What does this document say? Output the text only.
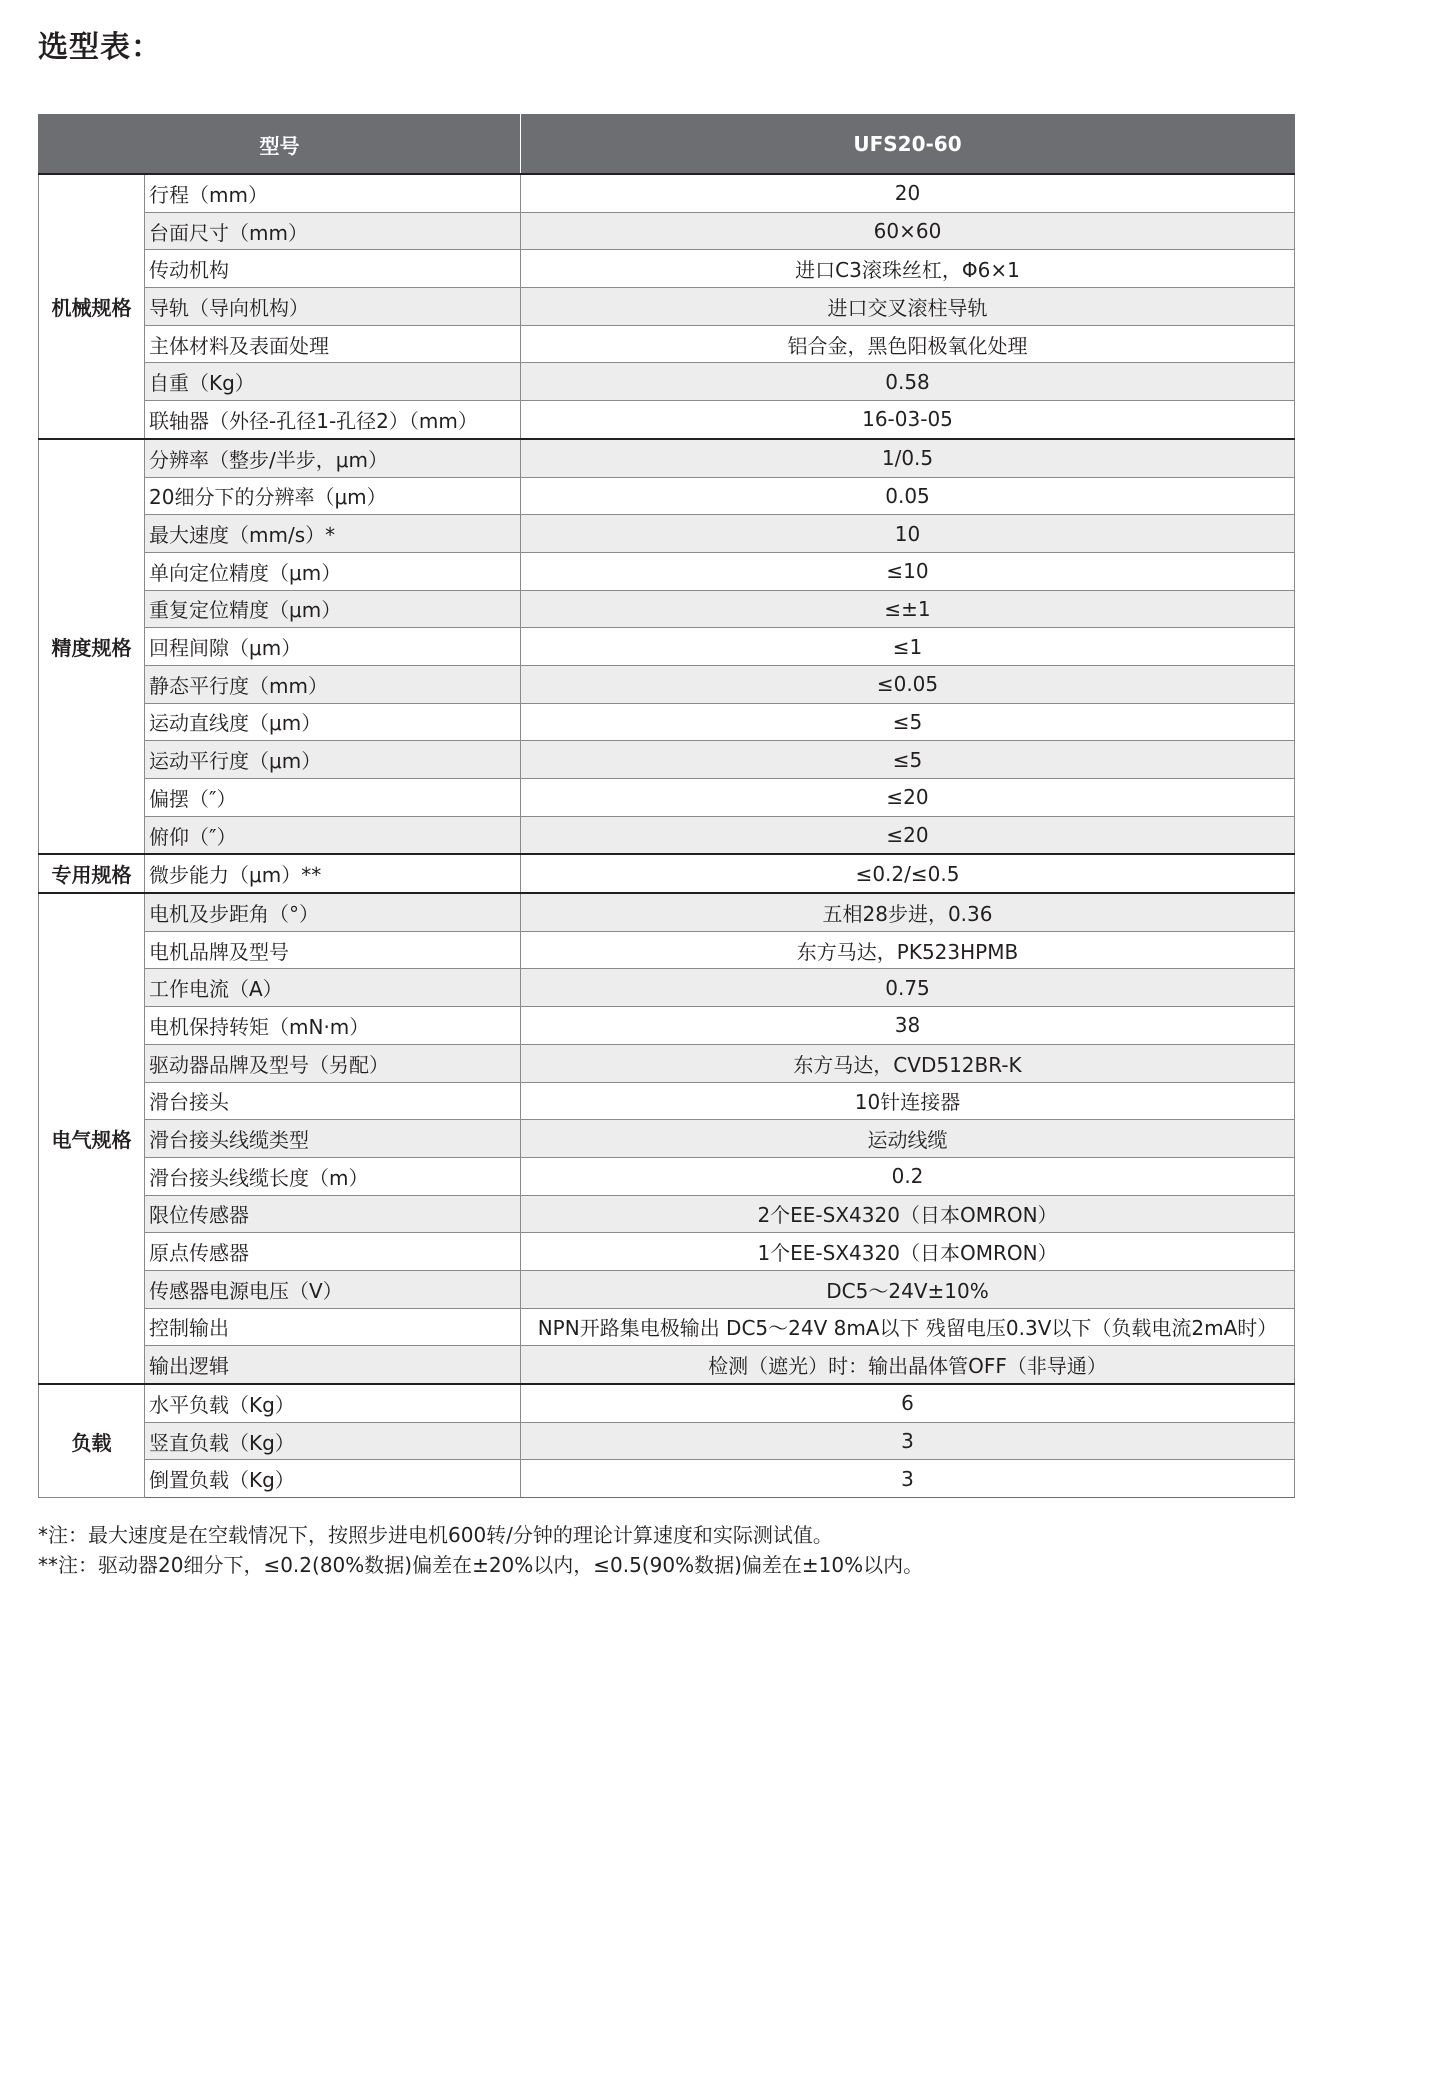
选型表：
型号		UFS20-60
机械规格	行程（mm）	20
	台面尺寸（mm）	60×60
	传动机构	进口C3滚珠丝杠，Φ6×1
	导轨（导向机构）	进口交叉滚柱导轨
	主体材料及表面处理	铝合金，黑色阳极氧化处理
	自重（Kg）	0.58
	联轴器（外径-孔径1-孔径2）（mm）	16-03-05
精度规格	分辨率（整步/半步，μm）	1/0.5
	20细分下的分辨率（μm）	0.05
	最大速度（mm/s）*	10
	单向定位精度（μm）	≤10
	重复定位精度（μm）	≤±1
	回程间隙（μm）	≤1
	静态平行度（mm）	≤0.05
	运动直线度（μm）	≤5
	运动平行度（μm）	≤5
	偏摆（″）	≤20
	俯仰（″）	≤20
专用规格	微步能力（μm）**	≤0.2/≤0.5
电气规格	电机及步距角（°）	五相28步进，0.36
	电机品牌及型号	东方马达，PK523HPMB
	工作电流（A）	0.75
	电机保持转矩（mN·m）	38
	驱动器品牌及型号（另配）	东方马达，CVD512BR-K
	滑台接头	10针连接器
	滑台接头线缆类型	运动线缆
	滑台接头线缆长度（m）	0.2
	限位传感器	2个EE-SX4320（日本OMRON）
	原点传感器	1个EE-SX4320（日本OMRON）
	传感器电源电压（V）	DC5～24V±10%
	控制输出	NPN开路集电极输出 DC5～24V 8mA以下 残留电压0.3V以下（负载电流2mA时）
	输出逻辑	检测（遮光）时：输出晶体管OFF（非导通）
负载	水平负载（Kg）	6
	竖直负载（Kg）	3
	倒置负载（Kg）	3

*注：最大速度是在空载情况下，按照步进电机600转/分钟的理论计算速度和实际测试值。

**注：驱动器20细分下，≤0.2(80%数据)偏差在±20%以内，≤0.5(90%数据)偏差在±10%以内。
